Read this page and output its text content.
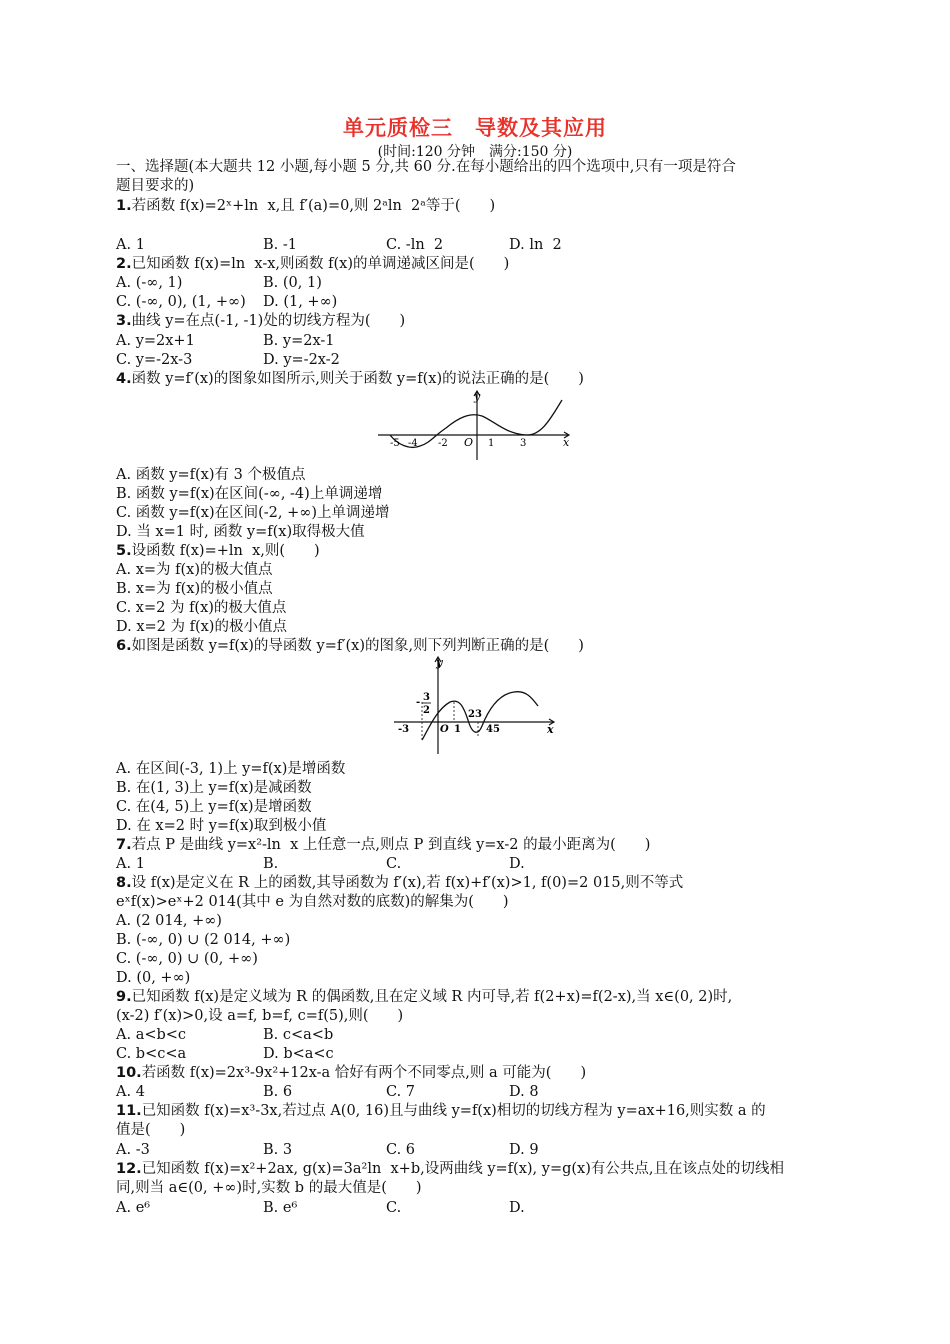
单元质检三　导数及其应用
(时间:120 分钟　满分:150 分)
一、选择题(本大题共 12 小题,每小题 5 分,共 60 分.在每小题给出的四个选项中,只有一项是符合
题目要求的)
1.若函数 f(x)=2ˣ+ln  x,且 f′(a)=0,则 2ᵃln  2ᵃ等于(　　)
A. 1	B. -1	C. -ln  2	D. ln  2
2.已知函数 f(x)=ln  x-x,则函数 f(x)的单调递减区间是(　　)
A. (-∞, 1)	B. (0, 1)
C. (-∞, 0), (1, +∞) D. (1, +∞)
3.曲线 y=在点(-1, -1)处的切线方程为(　　)
A. y=2x+1	B. y=2x-1
C. y=-2x-3	D. y=-2x-2
4.函数 y=f′(x)的图象如图所示,则关于函数 y=f(x)的说法正确的是(　　)
y
x
O
-5 -4 -2	1	3
A. 函数 y=f(x)有 3 个极值点
B. 函数 y=f(x)在区间(-∞, -4)上单调递增
C. 函数 y=f(x)在区间(-2, +∞)上单调递增
D. 当 x=1 时, 函数 y=f(x)取得极大值
5.设函数 f(x)=+ln  x,则(　　)
A. x=为 f(x)的极大值点
B. x=为 f(x)的极小值点
C. x=2 为 f(x)的极大值点
D. x=2 为 f(x)的极小值点
6.如图是函数 y=f(x)的导函数 y=f′(x)的图象,则下列判断正确的是(　　)
y
x
- 3
2
-3	O 1
23
45
A. 在区间(-3, 1)上 y=f(x)是增函数
B. 在(1, 3)上 y=f(x)是减函数
C. 在(4, 5)上 y=f(x)是增函数
D. 在 x=2 时 y=f(x)取到极小值
7.若点 P 是曲线 y=x²-ln  x 上任意一点,则点 P 到直线 y=x-2 的最小距离为(　　)
A. 1	B.	C.	D.
8.设 f(x)是定义在 R 上的函数,其导函数为 f′(x),若 f(x)+f′(x)>1, f(0)=2 015,则不等式
eˣf(x)>eˣ+2 014(其中 e 为自然对数的底数)的解集为(　　)
A. (2 014, +∞)
B. (-∞, 0) ∪ (2 014, +∞)
C. (-∞, 0) ∪ (0, +∞)
D. (0, +∞)
9.已知函数 f(x)是定义域为 R 的偶函数,且在定义域 R 内可导,若 f(2+x)=f(2-x),当 x∈(0, 2)时,
(x-2) f′(x)>0,设 a=f, b=f, c=f(5),则(　　)
A. a<b<c	B. c<a<b
C. b<c<a	D. b<a<c
10.若函数 f(x)=2x³-9x²+12x-a 恰好有两个不同零点,则 a 可能为(　　)
A. 4	B. 6	C. 7	D. 8
11.已知函数 f(x)=x³-3x,若过点 A(0, 16)且与曲线 y=f(x)相切的切线方程为 y=ax+16,则实数 a 的
值是(　　)
A. -3	B. 3	C. 6	D. 9
12.已知函数 f(x)=x²+2ax, g(x)=3a²ln  x+b,设两曲线 y=f(x), y=g(x)有公共点,且在该点处的切线相
同,则当 a∈(0, +∞)时,实数 b 的最大值是(　　)
A. e⁶	B. e⁶	C.	D.
